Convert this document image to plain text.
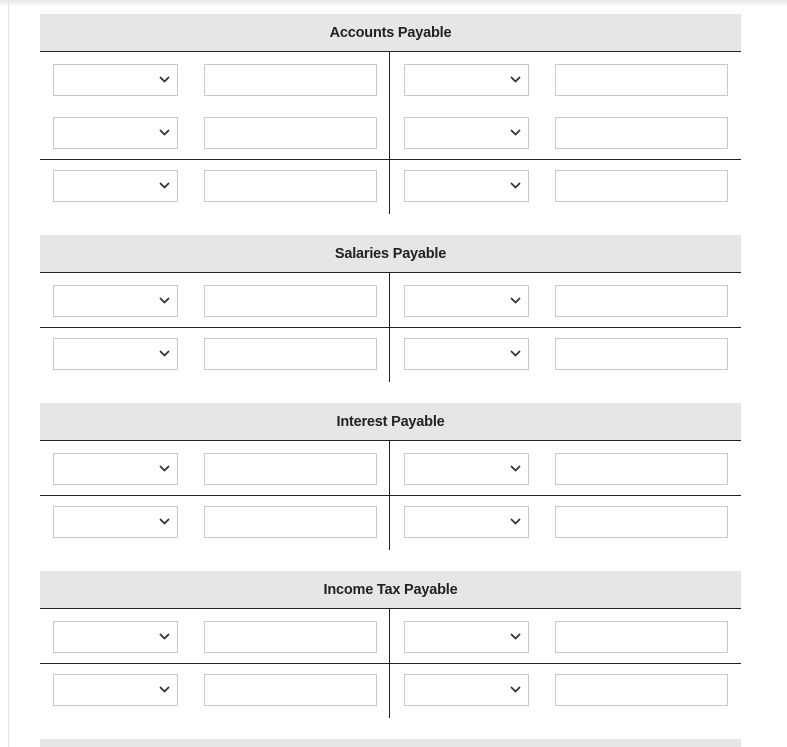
Accounts Payable
Salaries Payable
Interest Payable
Income Tax Payable
